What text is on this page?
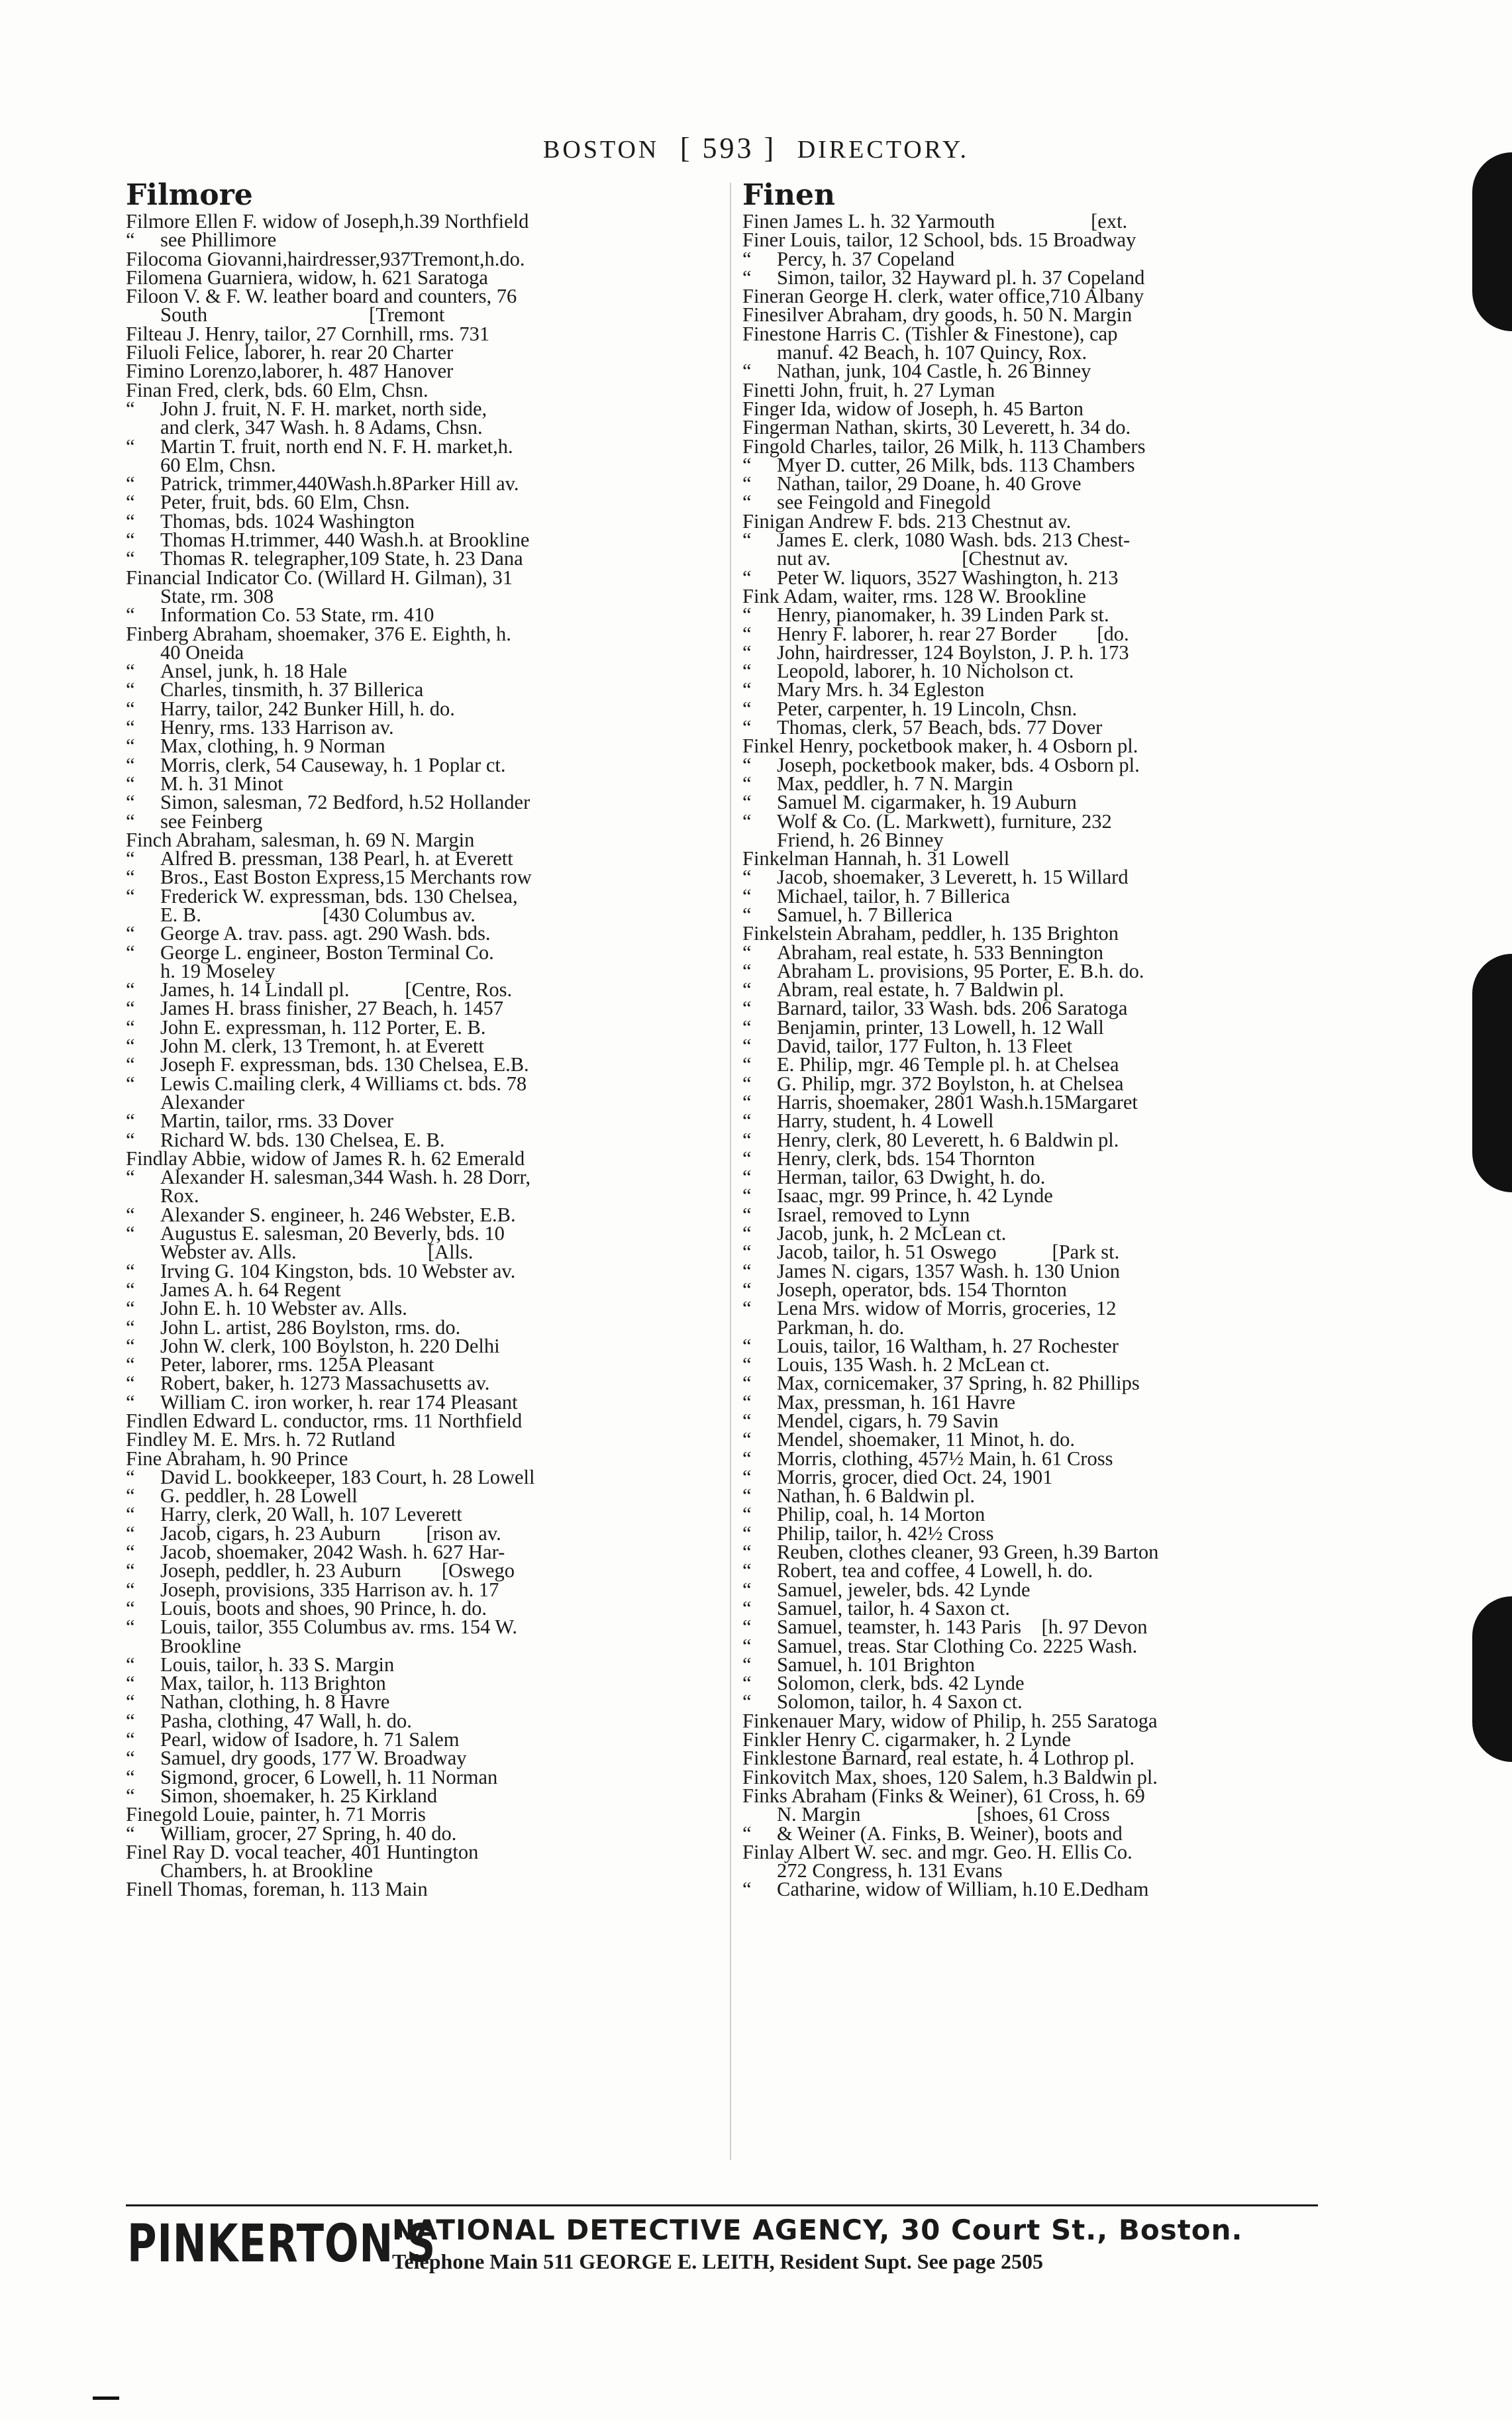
BOSTON [ 593 ] DIRECTORY.
Filmore
Filmore Ellen F. widow of Joseph,h.39 Northfield
“ see Phillimore
Filocoma Giovanni,hairdresser,937Tremont,h.do.
Filomena Guarniera, widow, h. 621 Saratoga
Filoon V. & F. W. leather board and counters, 76
South                                [Tremont
Filteau J. Henry, tailor, 27 Cornhill, rms. 731
Filuoli Felice, laborer, h. rear 20 Charter
Fimino Lorenzo,laborer, h. 487 Hanover
Finan Fred, clerk, bds. 60 Elm, Chsn.
“ John J. fruit, N. F. H. market, north side,
and clerk, 347 Wash. h. 8 Adams, Chsn.
“ Martin T. fruit, north end N. F. H. market,h.
60 Elm, Chsn.
“ Patrick, trimmer,440Wash.h.8Parker Hill av.
“ Peter, fruit, bds. 60 Elm, Chsn.
“ Thomas, bds. 1024 Washington
“ Thomas H.trimmer, 440 Wash.h. at Brookline
“ Thomas R. telegrapher,109 State, h. 23 Dana
Financial Indicator Co. (Willard H. Gilman), 31
State, rm. 308
“ Information Co. 53 State, rm. 410
Finberg Abraham, shoemaker, 376 E. Eighth, h.
40 Oneida
“ Ansel, junk, h. 18 Hale
“ Charles, tinsmith, h. 37 Billerica
“ Harry, tailor, 242 Bunker Hill, h. do.
“ Henry, rms. 133 Harrison av.
“ Max, clothing, h. 9 Norman
“ Morris, clerk, 54 Causeway, h. 1 Poplar ct.
“ M. h. 31 Minot
“ Simon, salesman, 72 Bedford, h.52 Hollander
“ see Feinberg
Finch Abraham, salesman, h. 69 N. Margin
“ Alfred B. pressman, 138 Pearl, h. at Everett
“ Bros., East Boston Express,15 Merchants row
“ Frederick W. expressman, bds. 130 Chelsea,
E. B.                        [430 Columbus av.
“ George A. trav. pass. agt. 290 Wash. bds.
“ George L. engineer, Boston Terminal Co.
h. 19 Moseley
“ James, h. 14 Lindall pl.           [Centre, Ros.
“ James H. brass finisher, 27 Beach, h. 1457
“ John E. expressman, h. 112 Porter, E. B.
“ John M. clerk, 13 Tremont, h. at Everett
“ Joseph F. expressman, bds. 130 Chelsea, E.B.
“ Lewis C.mailing clerk, 4 Williams ct. bds. 78
Alexander
“ Martin, tailor, rms. 33 Dover
“ Richard W. bds. 130 Chelsea, E. B.
Findlay Abbie, widow of James R. h. 62 Emerald
“ Alexander H. salesman,344 Wash. h. 28 Dorr,
Rox.
“ Alexander S. engineer, h. 246 Webster, E.B.
“ Augustus E. salesman, 20 Beverly, bds. 10
Webster av. Alls.                          [Alls.
“ Irving G. 104 Kingston, bds. 10 Webster av.
“ James A. h. 64 Regent
“ John E. h. 10 Webster av. Alls.
“ John L. artist, 286 Boylston, rms. do.
“ John W. clerk, 100 Boylston, h. 220 Delhi
“ Peter, laborer, rms. 125A Pleasant
“ Robert, baker, h. 1273 Massachusetts av.
“ William C. iron worker, h. rear 174 Pleasant
Findlen Edward L. conductor, rms. 11 Northfield
Findley M. E. Mrs. h. 72 Rutland
Fine Abraham, h. 90 Prince
“ David L. bookkeeper, 183 Court, h. 28 Lowell
“ G. peddler, h. 28 Lowell
“ Harry, clerk, 20 Wall, h. 107 Leverett
“ Jacob, cigars, h. 23 Auburn         [rison av.
“ Jacob, shoemaker, 2042 Wash. h. 627 Har-
“ Joseph, peddler, h. 23 Auburn        [Oswego
“ Joseph, provisions, 335 Harrison av. h. 17
“ Louis, boots and shoes, 90 Prince, h. do.
“ Louis, tailor, 355 Columbus av. rms. 154 W.
Brookline
“ Louis, tailor, h. 33 S. Margin
“ Max, tailor, h. 113 Brighton
“ Nathan, clothing, h. 8 Havre
“ Pasha, clothing, 47 Wall, h. do.
“ Pearl, widow of Isadore, h. 71 Salem
“ Samuel, dry goods, 177 W. Broadway
“ Sigmond, grocer, 6 Lowell, h. 11 Norman
“ Simon, shoemaker, h. 25 Kirkland
Finegold Louie, painter, h. 71 Morris
“ William, grocer, 27 Spring, h. 40 do.
Finel Ray D. vocal teacher, 401 Huntington
Chambers, h. at Brookline
Finell Thomas, foreman, h. 113 Main
Finen
Finen James L. h. 32 Yarmouth                   [ext.
Finer Louis, tailor, 12 School, bds. 15 Broadway
“ Percy, h. 37 Copeland
“ Simon, tailor, 32 Hayward pl. h. 37 Copeland
Fineran George H. clerk, water office,710 Albany
Finesilver Abraham, dry goods, h. 50 N. Margin
Finestone Harris C. (Tishler & Finestone), cap
manuf. 42 Beach, h. 107 Quincy, Rox.
“ Nathan, junk, 104 Castle, h. 26 Binney
Finetti John, fruit, h. 27 Lyman
Finger Ida, widow of Joseph, h. 45 Barton
Fingerman Nathan, skirts, 30 Leverett, h. 34 do.
Fingold Charles, tailor, 26 Milk, h. 113 Chambers
“ Myer D. cutter, 26 Milk, bds. 113 Chambers
“ Nathan, tailor, 29 Doane, h. 40 Grove
“ see Feingold and Finegold
Finigan Andrew F. bds. 213 Chestnut av.
“ James E. clerk, 1080 Wash. bds. 213 Chest-
nut av.                          [Chestnut av.
“ Peter W. liquors, 3527 Washington, h. 213
Fink Adam, waiter, rms. 128 W. Brookline
“ Henry, pianomaker, h. 39 Linden Park st.
“ Henry F. laborer, h. rear 27 Border        [do.
“ John, hairdresser, 124 Boylston, J. P. h. 173
“ Leopold, laborer, h. 10 Nicholson ct.
“ Mary Mrs. h. 34 Egleston
“ Peter, carpenter, h. 19 Lincoln, Chsn.
“ Thomas, clerk, 57 Beach, bds. 77 Dover
Finkel Henry, pocketbook maker, h. 4 Osborn pl.
“ Joseph, pocketbook maker, bds. 4 Osborn pl.
“ Max, peddler, h. 7 N. Margin
“ Samuel M. cigarmaker, h. 19 Auburn
“ Wolf & Co. (L. Markwett), furniture, 232
Friend, h. 26 Binney
Finkelman Hannah, h. 31 Lowell
“ Jacob, shoemaker, 3 Leverett, h. 15 Willard
“ Michael, tailor, h. 7 Billerica
“ Samuel, h. 7 Billerica
Finkelstein Abraham, peddler, h. 135 Brighton
“ Abraham, real estate, h. 533 Bennington
“ Abraham L. provisions, 95 Porter, E. B.h. do.
“ Abram, real estate, h. 7 Baldwin pl.
“ Barnard, tailor, 33 Wash. bds. 206 Saratoga
“ Benjamin, printer, 13 Lowell, h. 12 Wall
“ David, tailor, 177 Fulton, h. 13 Fleet
“ E. Philip, mgr. 46 Temple pl. h. at Chelsea
“ G. Philip, mgr. 372 Boylston, h. at Chelsea
“ Harris, shoemaker, 2801 Wash.h.15Margaret
“ Harry, student, h. 4 Lowell
“ Henry, clerk, 80 Leverett, h. 6 Baldwin pl.
“ Henry, clerk, bds. 154 Thornton
“ Herman, tailor, 63 Dwight, h. do.
“ Isaac, mgr. 99 Prince, h. 42 Lynde
“ Israel, removed to Lynn
“ Jacob, junk, h. 2 McLean ct.
“ Jacob, tailor, h. 51 Oswego           [Park st.
“ James N. cigars, 1357 Wash. h. 130 Union
“ Joseph, operator, bds. 154 Thornton
“ Lena Mrs. widow of Morris, groceries, 12
Parkman, h. do.
“ Louis, tailor, 16 Waltham, h. 27 Rochester
“ Louis, 135 Wash. h. 2 McLean ct.
“ Max, cornicemaker, 37 Spring, h. 82 Phillips
“ Max, pressman, h. 161 Havre
“ Mendel, cigars, h. 79 Savin
“ Mendel, shoemaker, 11 Minot, h. do.
“ Morris, clothing, 457½ Main, h. 61 Cross
“ Morris, grocer, died Oct. 24, 1901
“ Nathan, h. 6 Baldwin pl.
“ Philip, coal, h. 14 Morton
“ Philip, tailor, h. 42½ Cross
“ Reuben, clothes cleaner, 93 Green, h.39 Barton
“ Robert, tea and coffee, 4 Lowell, h. do.
“ Samuel, jeweler, bds. 42 Lynde
“ Samuel, tailor, h. 4 Saxon ct.
“ Samuel, teamster, h. 143 Paris    [h. 97 Devon
“ Samuel, treas. Star Clothing Co. 2225 Wash.
“ Samuel, h. 101 Brighton
“ Solomon, clerk, bds. 42 Lynde
“ Solomon, tailor, h. 4 Saxon ct.
Finkenauer Mary, widow of Philip, h. 255 Saratoga
Finkler Henry C. cigarmaker, h. 2 Lynde
Finklestone Barnard, real estate, h. 4 Lothrop pl.
Finkovitch Max, shoes, 120 Salem, h.3 Baldwin pl.
Finks Abraham (Finks & Weiner), 61 Cross, h. 69
N. Margin                       [shoes, 61 Cross
“ & Weiner (A. Finks, B. Weiner), boots and
Finlay Albert W. sec. and mgr. Geo. H. Ellis Co.
272 Congress, h. 131 Evans
“ Catharine, widow of William, h.10 E.Dedham
PINKERTON'S
NATIONAL DETECTIVE AGENCY, 30 Court St., Boston.
Telephone Main 511 GEORGE E. LEITH, Resident Supt. See page 2505
